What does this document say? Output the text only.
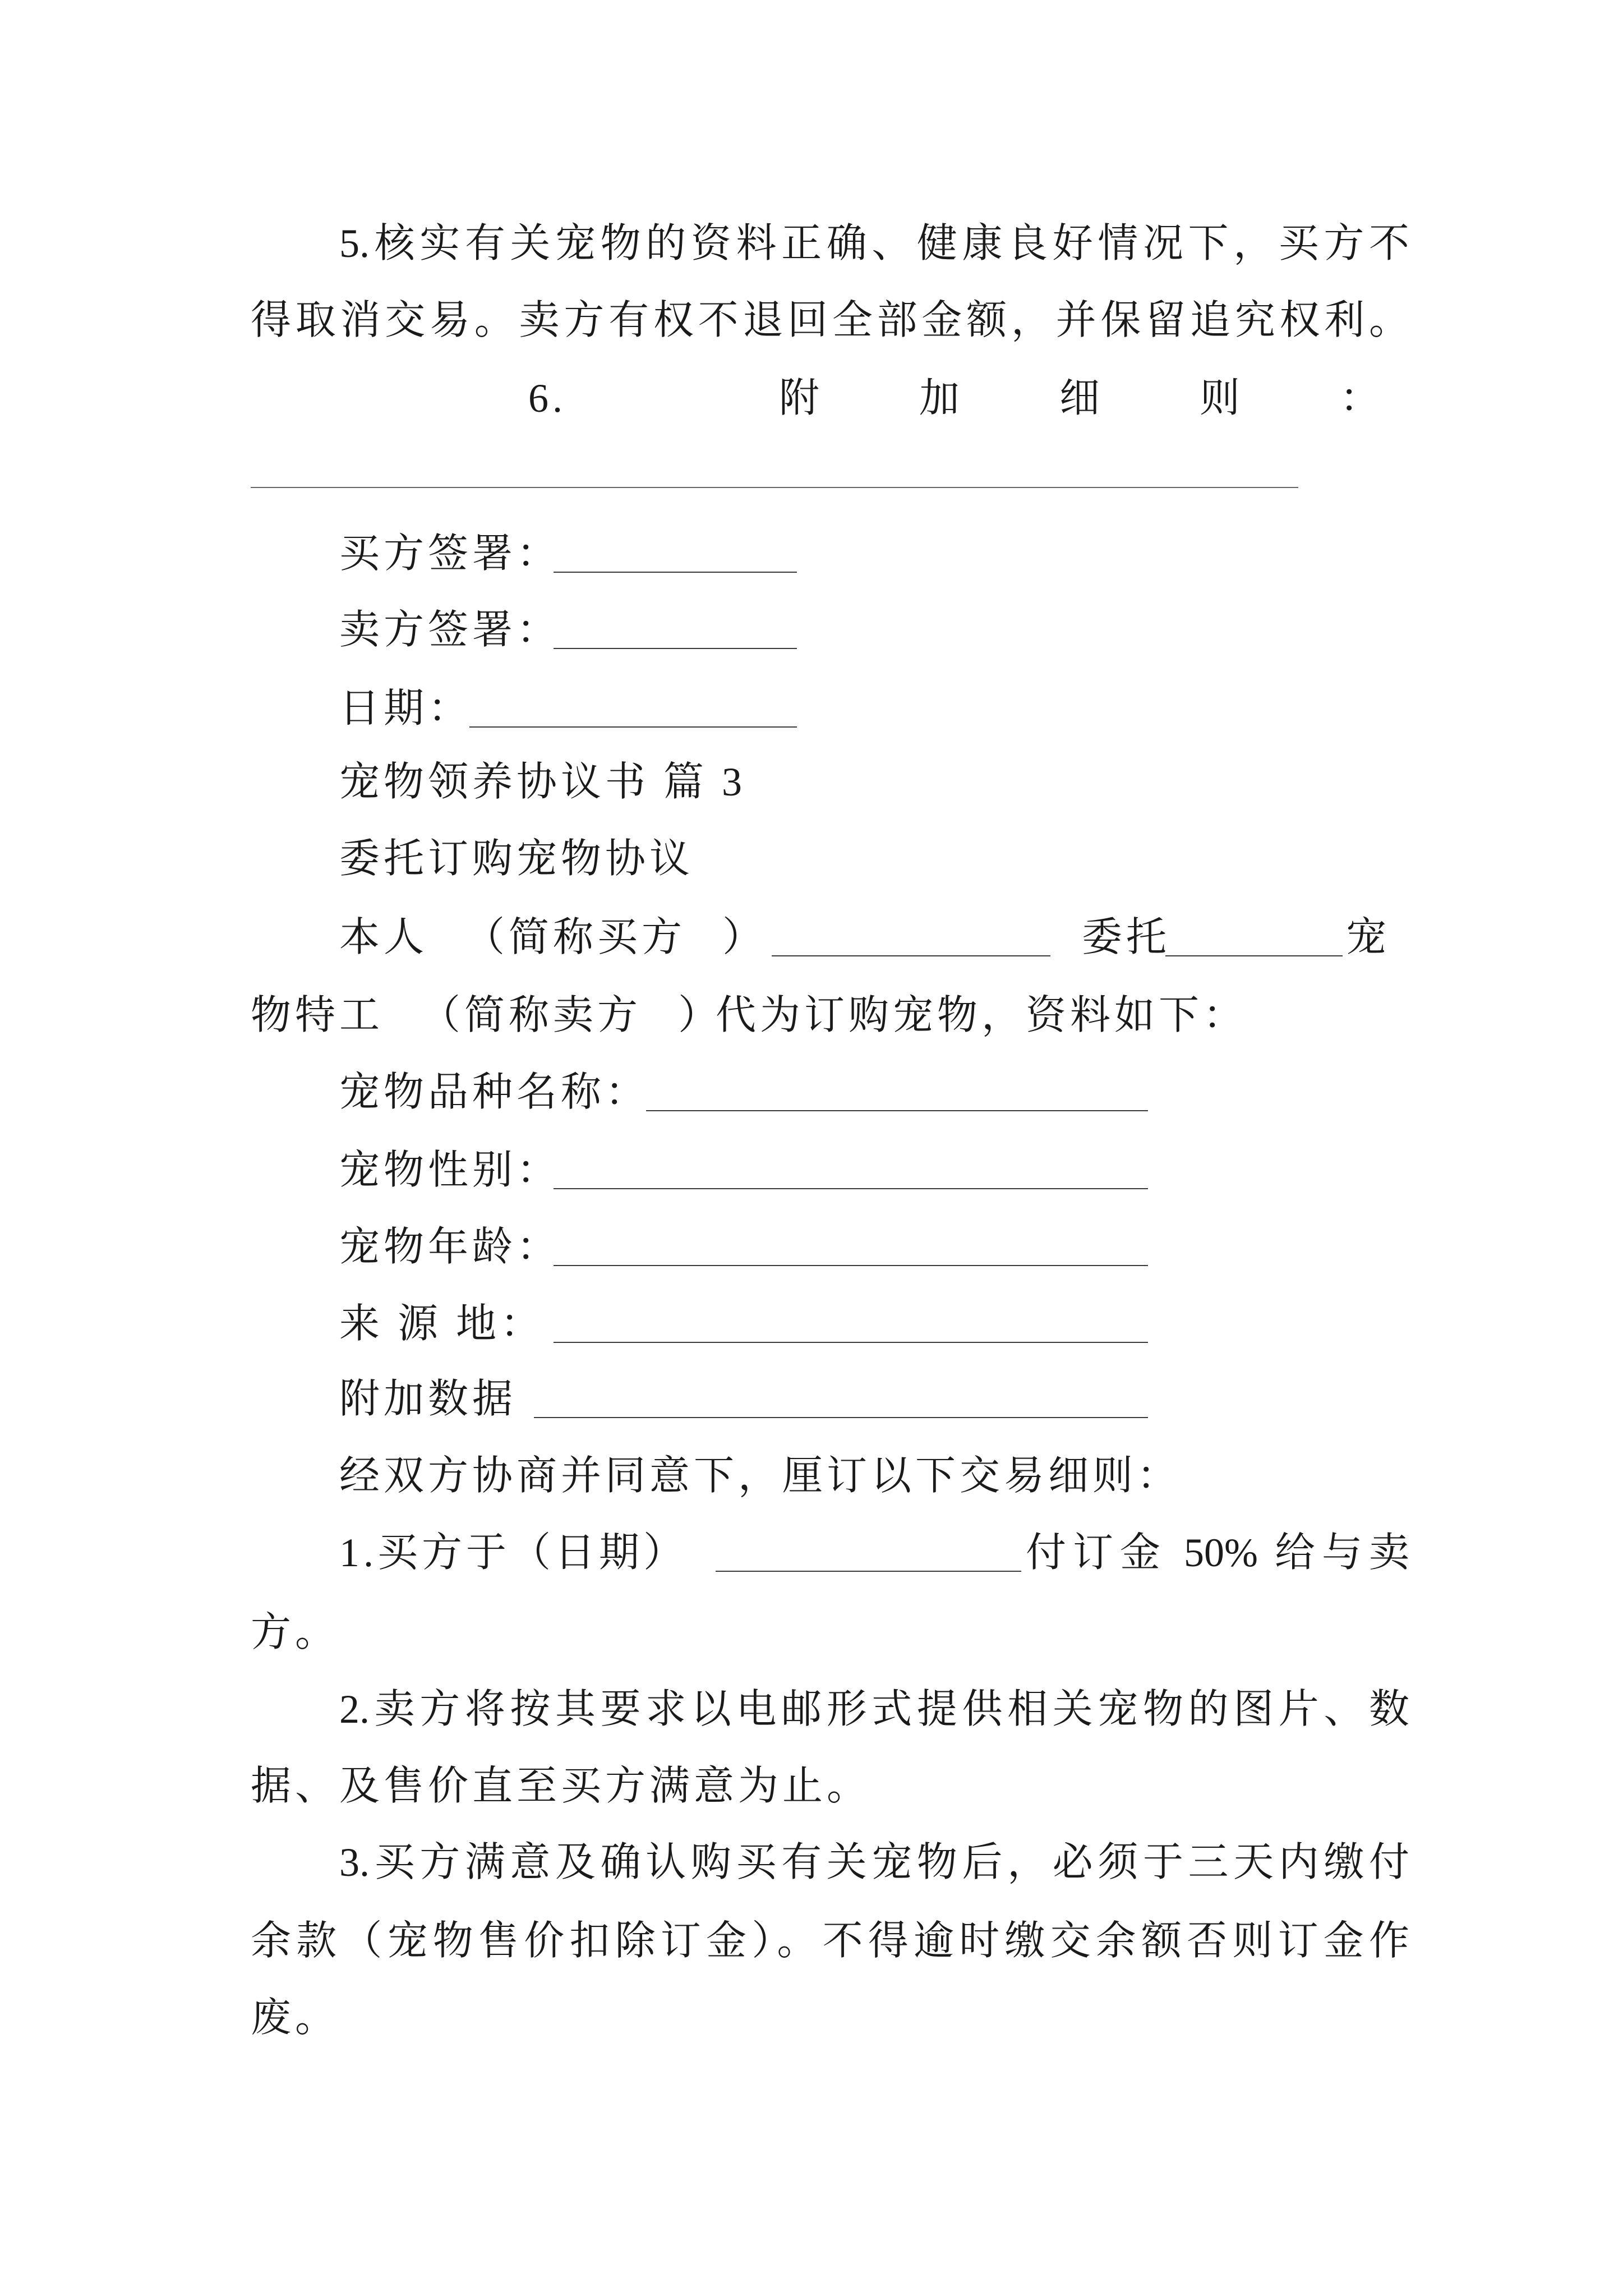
5.核实有关宠物的资料正确、健康良好情况下，买方不
得取消交易。卖方有权不退回全部金额，并保留追究权利。
6.	附 加 细 则 ：
买方签署：
卖方签署：
日期：
宠物领养协议书 篇 3
委托订购宠物协议
本人 （简称买方 ）	委托	宠
物特工 （简称卖方 ）
代为订购宠物，资料如下：
宠物品种名称：
宠物性别：
宠物年龄：
来 源 地：
附加数据
经双方协商并同意下，厘订以下交易细则：
1.买方于（日期）	付订金 50% 给与卖
方。
2.卖方将按其要求以电邮形式提供相关宠物的图片、数
据、及售价直至买方满意为止。
3.买方满意及确认购买有关宠物后，必须于三天内缴付
余款（宠物售价扣除订金）。不得逾时缴交余额否则订金作
废。
